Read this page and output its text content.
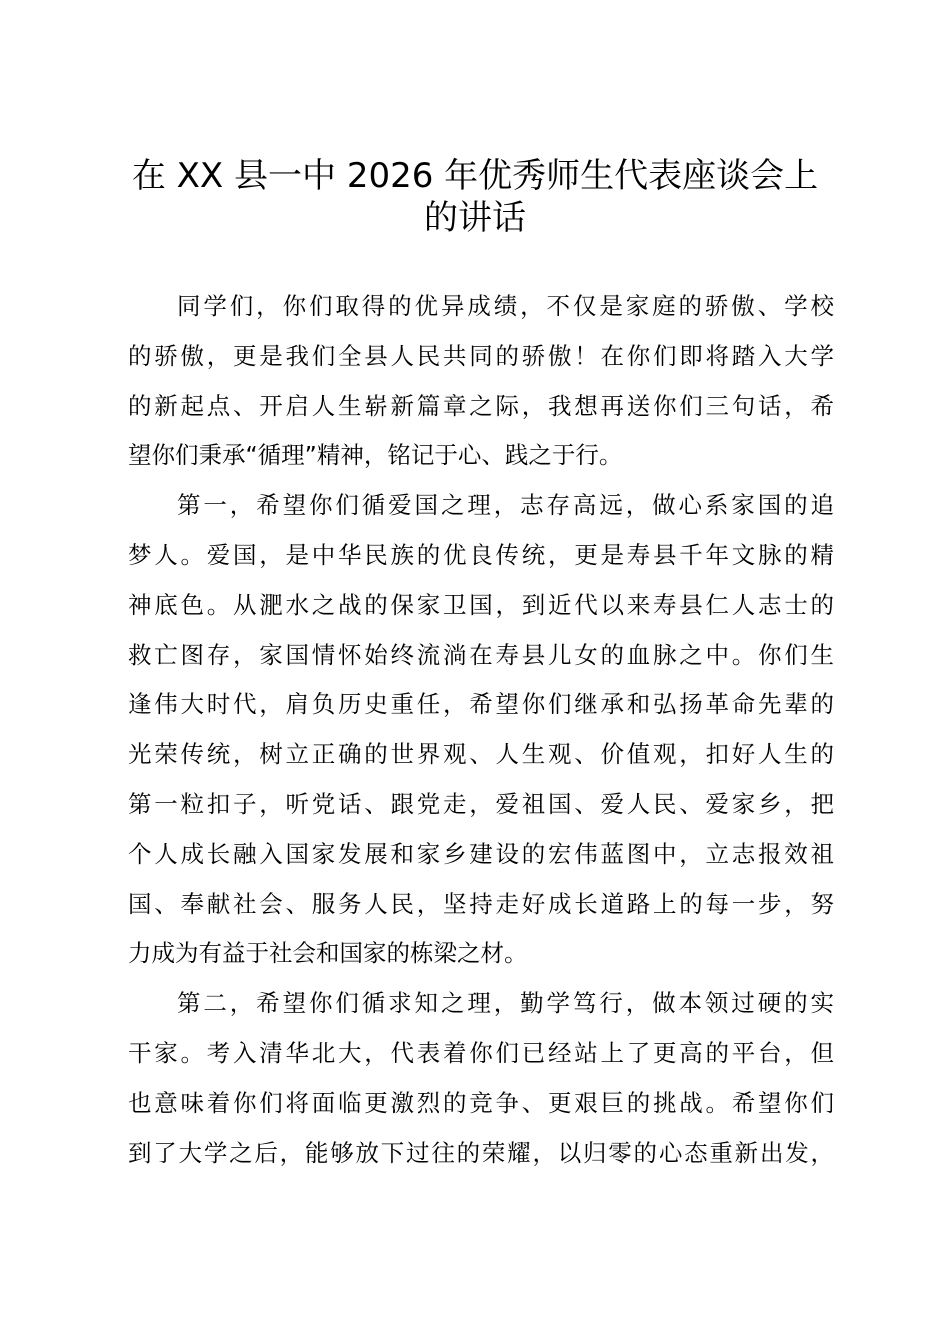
在 XX 县一中 2026 年优秀师生代表座谈会上
的讲话
同学们，你们取得的优异成绩，不仅是家庭的骄傲、学校
的骄傲，更是我们全县人民共同的骄傲！在你们即将踏入大学
的新起点、开启人生崭新篇章之际，我想再送你们三句话，希
望你们秉承“循理”精神，铭记于心、践之于行。
第一，希望你们循爱国之理，志存高远，做心系家国的追
梦人。爱国，是中华民族的优良传统，更是寿县千年文脉的精
神底色。从淝水之战的保家卫国，到近代以来寿县仁人志士的
救亡图存，家国情怀始终流淌在寿县儿女的血脉之中。你们生
逢伟大时代，肩负历史重任，希望你们继承和弘扬革命先辈的
光荣传统，树立正确的世界观、人生观、价值观，扣好人生的
第一粒扣子，听党话、跟党走，爱祖国、爱人民、爱家乡，把
个人成长融入国家发展和家乡建设的宏伟蓝图中，立志报效祖
国、奉献社会、服务人民，坚持走好成长道路上的每一步，努
力成为有益于社会和国家的栋梁之材。
第二，希望你们循求知之理，勤学笃行，做本领过硬的实
干家。考入清华北大，代表着你们已经站上了更高的平台，但
也意味着你们将面临更激烈的竞争、更艰巨的挑战。希望你们
到了大学之后，能够放下过往的荣耀，以归零的心态重新出发，
